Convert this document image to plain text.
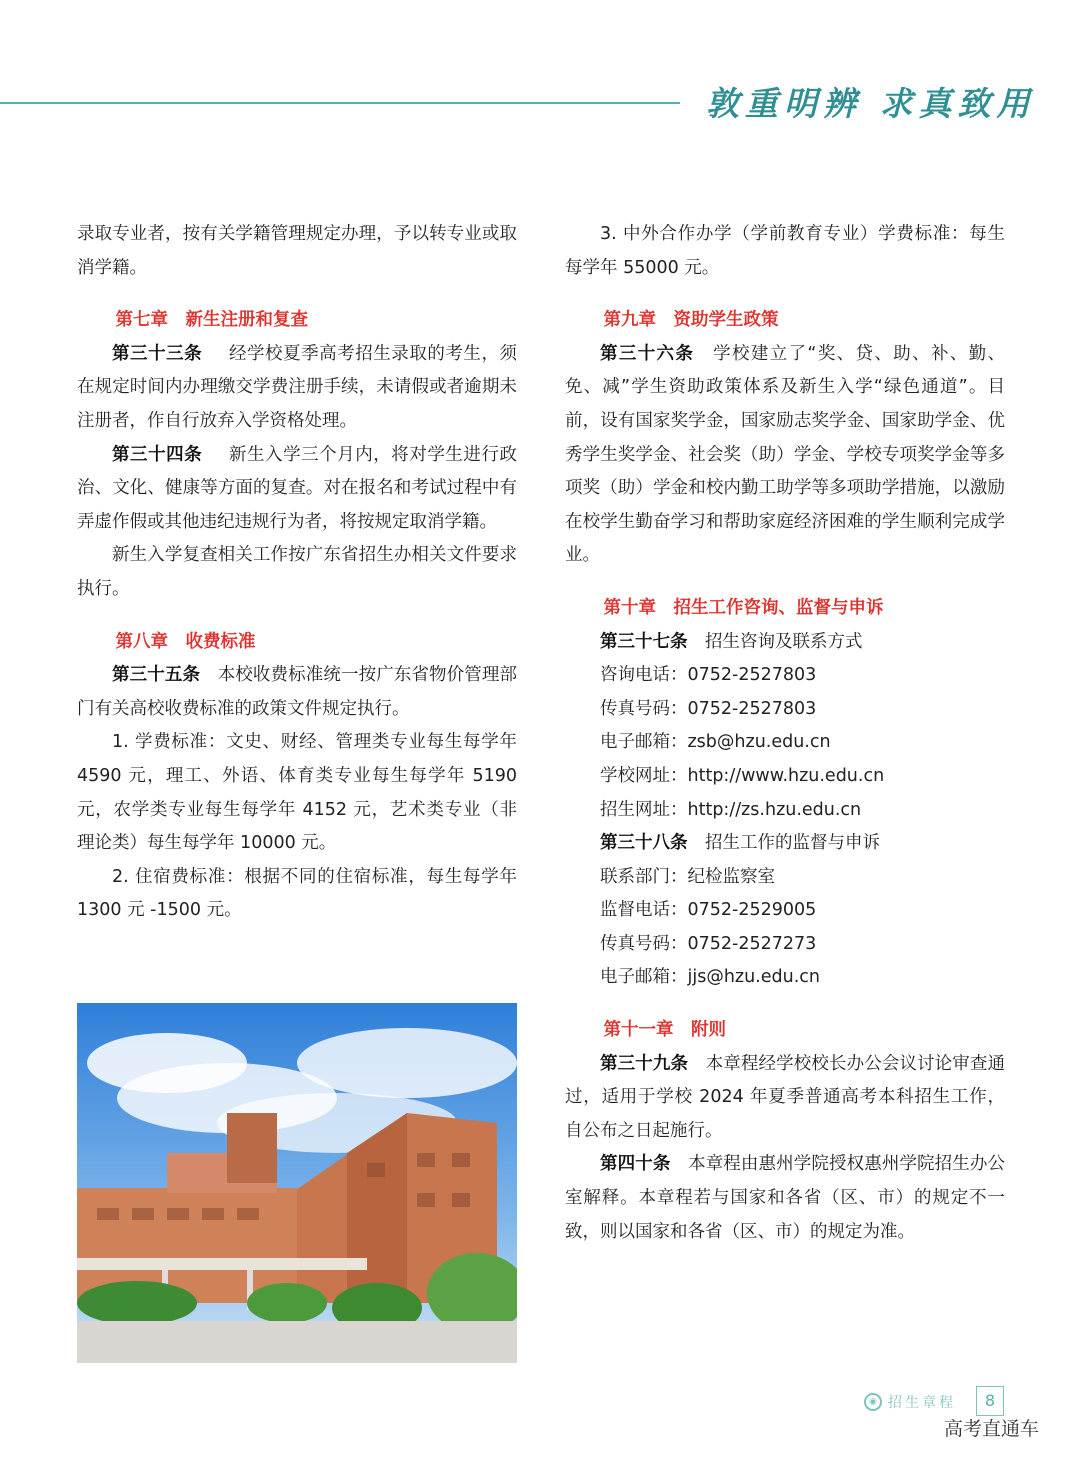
敦重明辨 求真致用

录取专业者，按有关学籍管理规定办理，予以转专业或取消学籍。

第七章　新生注册和复查

第三十三条 经学校夏季高考招生录取的考生，须在规定时间内办理缴交学费注册手续，未请假或者逾期未注册者，作自行放弃入学资格处理。

第三十四条 新生入学三个月内，将对学生进行政治、文化、健康等方面的复查。对在报名和考试过程中有弄虚作假或其他违纪违规行为者，将按规定取消学籍。

新生入学复查相关工作按广东省招生办相关文件要求执行。

第八章　收费标准

第三十五条 本校收费标准统一按广东省物价管理部门有关高校收费标准的政策文件规定执行。

1. 学费标准：文史、财经、管理类专业每生每学年 4590 元，理工、外语、体育类专业每生每学年 5190 元，农学类专业每生每学年 4152 元，艺术类专业（非理论类）每生每学年 10000 元。

2. 住宿费标准：根据不同的住宿标准，每生每学年 1300 元 -1500 元。

3. 中外合作办学（学前教育专业）学费标准：每生每学年 55000 元。

第九章　资助学生政策

第三十六条 学校建立了“奖、贷、助、补、勤、免、减”学生资助政策体系及新生入学“绿色通道”。目前，设有国家奖学金，国家励志奖学金、国家助学金、优秀学生奖学金、社会奖（助）学金、学校专项奖学金等多项奖（助）学金和校内勤工助学等多项助学措施，以激励在校学生勤奋学习和帮助家庭经济困难的学生顺利完成学业。

第十章　招生工作咨询、监督与申诉

第三十七条 招生咨询及联系方式

咨询电话：0752-2527803

传真号码：0752-2527803

电子邮箱：zsb@hzu.edu.cn

学校网址：http://www.hzu.edu.cn

招生网址：http://zs.hzu.edu.cn

第三十八条 招生工作的监督与申诉

联系部门：纪检监察室

监督电话：0752-2529005

传真号码：0752-2527273

电子邮箱：jjs@hzu.edu.cn

第十一章　附则

第三十九条 本章程经学校校长办公会议讨论审查通过，适用于学校 2024 年夏季普通高考本科招生工作，自公布之日起施行。

第四十条 本章程由惠州学院授权惠州学院招生办公室解释。本章程若与国家和各省（区、市）的规定不一致，则以国家和各省（区、市）的规定为准。

◉ 招生章程	8
高考直通车
